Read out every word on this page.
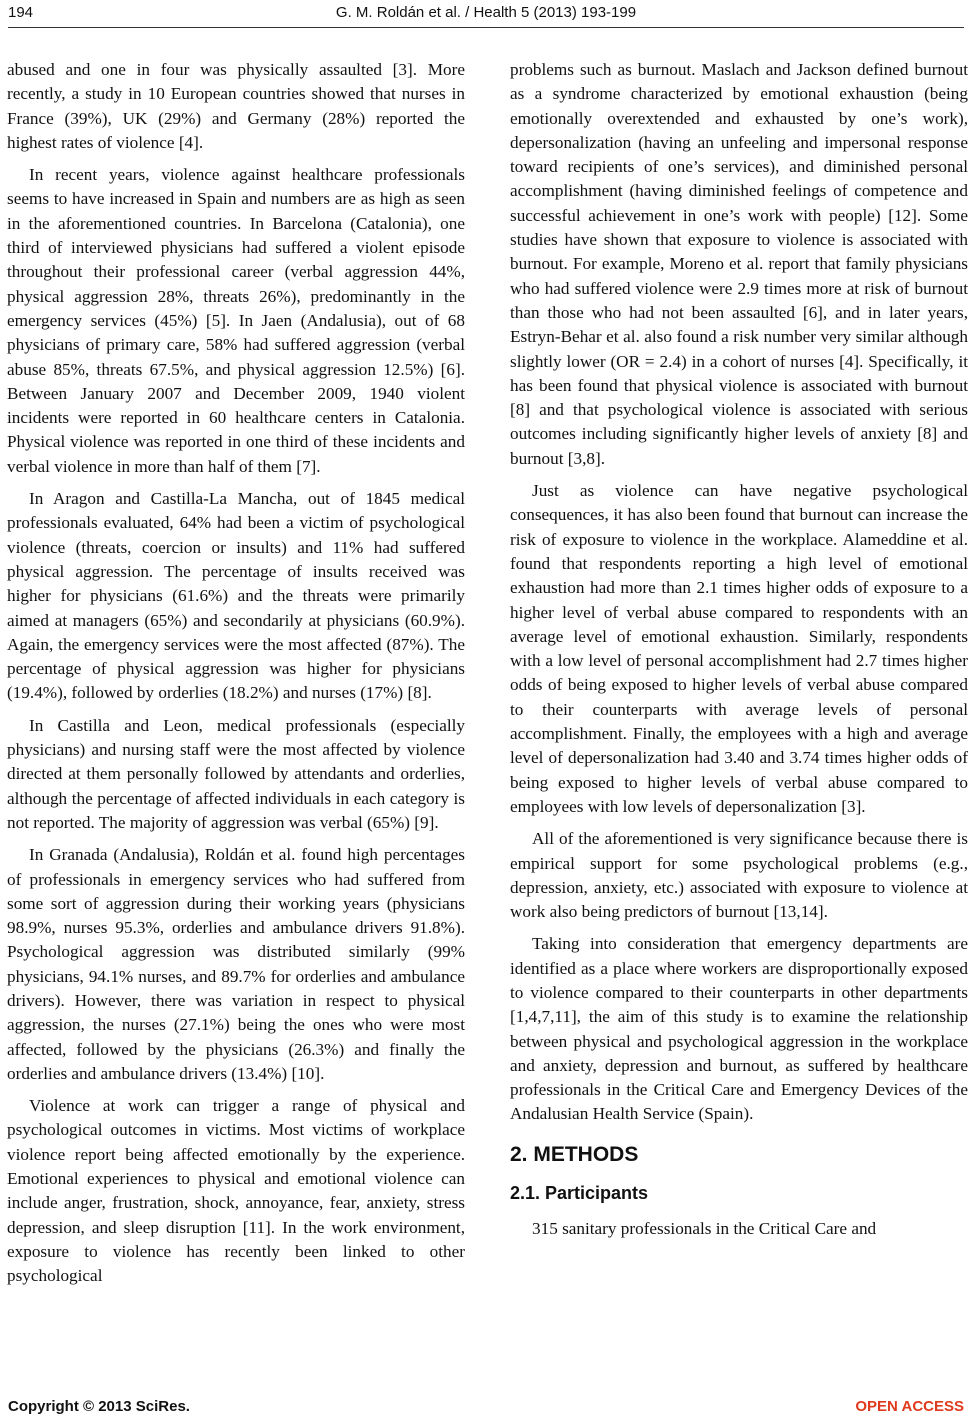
194	G. M. Roldán et al. / Health 5 (2013) 193-199

abused and one in four was physically assaulted [3]. More recently, a study in 10 European countries showed that nurses in France (39%), UK (29%) and Germany (28%) reported the highest rates of violence [4].

In recent years, violence against healthcare professionals seems to have increased in Spain and numbers are as high as seen in the aforementioned countries. In Barcelona (Catalonia), one third of interviewed physicians had suffered a violent episode throughout their professional career (verbal aggression 44%, physical aggression 28%, threats 26%), predominantly in the emergency services (45%) [5]. In Jaen (Andalusia), out of 68 physicians of primary care, 58% had suffered aggression (verbal abuse 85%, threats 67.5%, and physical aggression 12.5%) [6]. Between January 2007 and December 2009, 1940 violent incidents were reported in 60 healthcare centers in Catalonia. Physical violence was reported in one third of these incidents and verbal violence in more than half of them [7].

In Aragon and Castilla-La Mancha, out of 1845 medical professionals evaluated, 64% had been a victim of psychological violence (threats, coercion or insults) and 11% had suffered physical aggression. The percentage of insults received was higher for physicians (61.6%) and the threats were primarily aimed at managers (65%) and secondarily at physicians (60.9%). Again, the emergency services were the most affected (87%). The percentage of physical aggression was higher for physicians (19.4%), followed by orderlies (18.2%) and nurses (17%) [8].

In Castilla and Leon, medical professionals (especially physicians) and nursing staff were the most affected by violence directed at them personally followed by attendants and orderlies, although the percentage of affected individuals in each category is not reported. The majority of aggression was verbal (65%) [9].

In Granada (Andalusia), Roldán et al. found high percentages of professionals in emergency services who had suffered from some sort of aggression during their working years (physicians 98.9%, nurses 95.3%, orderlies and ambulance drivers 91.8%). Psychological aggression was distributed similarly (99% physicians, 94.1% nurses, and 89.7% for orderlies and ambulance drivers). However, there was variation in respect to physical aggression, the nurses (27.1%) being the ones who were most affected, followed by the physicians (26.3%) and finally the orderlies and ambulance drivers (13.4%) [10].

Violence at work can trigger a range of physical and psychological outcomes in victims. Most victims of workplace violence report being affected emotionally by the experience. Emotional experiences to physical and emotional violence can include anger, frustration, shock, annoyance, fear, anxiety, stress depression, and sleep disruption [11]. In the work environment, exposure to violence has recently been linked to other psychological

problems such as burnout. Maslach and Jackson defined burnout as a syndrome characterized by emotional exhaustion (being emotionally overextended and exhausted by one’s work), depersonalization (having an unfeeling and impersonal response toward recipients of one’s services), and diminished personal accomplishment (having diminished feelings of competence and successful achievement in one’s work with people) [12]. Some studies have shown that exposure to violence is associated with burnout. For example, Moreno et al. report that family physicians who had suffered violence were 2.9 times more at risk of burnout than those who had not been assaulted [6], and in later years, Estryn-Behar et al. also found a risk number very similar although slightly lower (OR = 2.4) in a cohort of nurses [4]. Specifically, it has been found that physical violence is associated with burnout [8] and that psychological violence is associated with serious outcomes including significantly higher levels of anxiety [8] and burnout [3,8].

Just as violence can have negative psychological consequences, it has also been found that burnout can increase the risk of exposure to violence in the workplace. Alameddine et al. found that respondents reporting a high level of emotional exhaustion had more than 2.1 times higher odds of exposure to a higher level of verbal abuse compared to respondents with an average level of emotional exhaustion. Similarly, respondents with a low level of personal accomplishment had 2.7 times higher odds of being exposed to higher levels of verbal abuse compared to their counterparts with average levels of personal accomplishment. Finally, the employees with a high and average level of depersonalization had 3.40 and 3.74 times higher odds of being exposed to higher levels of verbal abuse compared to employees with low levels of depersonalization [3].

All of the aforementioned is very significance because there is empirical support for some psychological problems (e.g., depression, anxiety, etc.) associated with exposure to violence at work also being predictors of burnout [13,14].

Taking into consideration that emergency departments are identified as a place where workers are disproportionally exposed to violence compared to their counterparts in other departments [1,4,7,11], the aim of this study is to examine the relationship between physical and psychological aggression in the workplace and anxiety, depression and burnout, as suffered by healthcare professionals in the Critical Care and Emergency Devices of the Andalusian Health Service (Spain).

2. METHODS
2.1. Participants

315 sanitary professionals in the Critical Care and

Copyright © 2013 SciRes.	OPEN ACCESS
